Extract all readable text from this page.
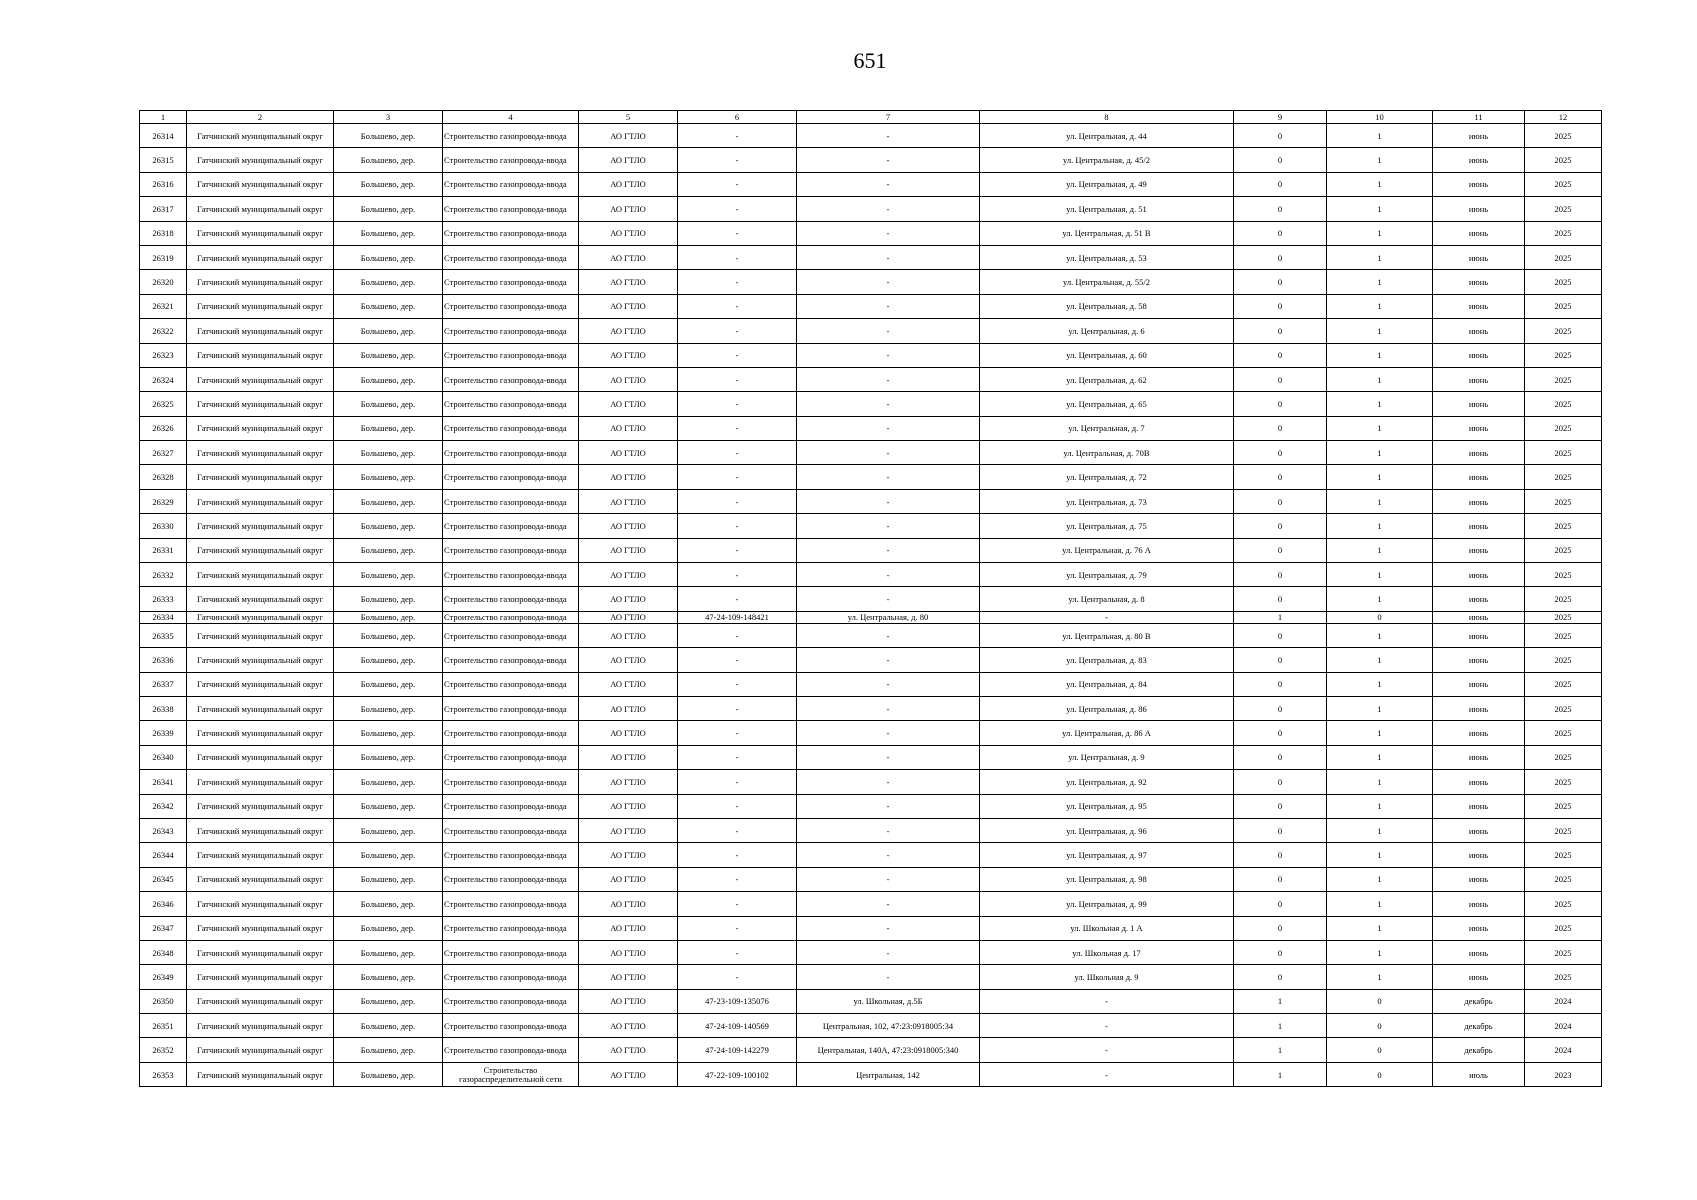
651
1	2	3	4	5	6	7	8	9	10	11	12
26314	Гатчинский муниципальный округ	Большево, дер.	Строительство газопровода-ввода	АО ГТЛО	-	-	ул. Центральная, д. 44	0	1	июнь	2025
26315	Гатчинский муниципальный округ	Большево, дер.	Строительство газопровода-ввода	АО ГТЛО	-	-	ул. Центральная, д. 45/2	0	1	июнь	2025
26316	Гатчинский муниципальный округ	Большево, дер.	Строительство газопровода-ввода	АО ГТЛО	-	-	ул. Центральная, д. 49	0	1	июнь	2025
26317	Гатчинский муниципальный округ	Большево, дер.	Строительство газопровода-ввода	АО ГТЛО	-	-	ул. Центральная, д. 51	0	1	июнь	2025
26318	Гатчинский муниципальный округ	Большево, дер.	Строительство газопровода-ввода	АО ГТЛО	-	-	ул. Центральная, д. 51 В	0	1	июнь	2025
26319	Гатчинский муниципальный округ	Большево, дер.	Строительство газопровода-ввода	АО ГТЛО	-	-	ул. Центральная, д. 53	0	1	июнь	2025
26320	Гатчинский муниципальный округ	Большево, дер.	Строительство газопровода-ввода	АО ГТЛО	-	-	ул. Центральная, д. 55/2	0	1	июнь	2025
26321	Гатчинский муниципальный округ	Большево, дер.	Строительство газопровода-ввода	АО ГТЛО	-	-	ул. Центральная, д. 58	0	1	июнь	2025
26322	Гатчинский муниципальный округ	Большево, дер.	Строительство газопровода-ввода	АО ГТЛО	-	-	ул. Центральная, д. 6	0	1	июнь	2025
26323	Гатчинский муниципальный округ	Большево, дер.	Строительство газопровода-ввода	АО ГТЛО	-	-	ул. Центральная, д. 60	0	1	июнь	2025
26324	Гатчинский муниципальный округ	Большево, дер.	Строительство газопровода-ввода	АО ГТЛО	-	-	ул. Центральная, д. 62	0	1	июнь	2025
26325	Гатчинский муниципальный округ	Большево, дер.	Строительство газопровода-ввода	АО ГТЛО	-	-	ул. Центральная, д. 65	0	1	июнь	2025
26326	Гатчинский муниципальный округ	Большево, дер.	Строительство газопровода-ввода	АО ГТЛО	-	-	ул. Центральная, д. 7	0	1	июнь	2025
26327	Гатчинский муниципальный округ	Большево, дер.	Строительство газопровода-ввода	АО ГТЛО	-	-	ул. Центральная, д. 70В	0	1	июнь	2025
26328	Гатчинский муниципальный округ	Большево, дер.	Строительство газопровода-ввода	АО ГТЛО	-	-	ул. Центральная, д. 72	0	1	июнь	2025
26329	Гатчинский муниципальный округ	Большево, дер.	Строительство газопровода-ввода	АО ГТЛО	-	-	ул. Центральная, д. 73	0	1	июнь	2025
26330	Гатчинский муниципальный округ	Большево, дер.	Строительство газопровода-ввода	АО ГТЛО	-	-	ул. Центральная, д. 75	0	1	июнь	2025
26331	Гатчинский муниципальный округ	Большево, дер.	Строительство газопровода-ввода	АО ГТЛО	-	-	ул. Центральная, д. 76 А	0	1	июнь	2025
26332	Гатчинский муниципальный округ	Большево, дер.	Строительство газопровода-ввода	АО ГТЛО	-	-	ул. Центральная, д. 79	0	1	июнь	2025
26333	Гатчинский муниципальный округ	Большево, дер.	Строительство газопровода-ввода	АО ГТЛО	-	-	ул. Центральная, д. 8	0	1	июнь	2025
26334	Гатчинский муниципальный округ	Большево, дер.	Строительство газопровода-ввода	АО ГТЛО	47-24-109-148421	ул. Центральная, д. 80	-	1	0	июнь	2025
26335	Гатчинский муниципальный округ	Большево, дер.	Строительство газопровода-ввода	АО ГТЛО	-	-	ул. Центральная, д. 80 В	0	1	июнь	2025
26336	Гатчинский муниципальный округ	Большево, дер.	Строительство газопровода-ввода	АО ГТЛО	-	-	ул. Центральная, д. 83	0	1	июнь	2025
26337	Гатчинский муниципальный округ	Большево, дер.	Строительство газопровода-ввода	АО ГТЛО	-	-	ул. Центральная, д. 84	0	1	июнь	2025
26338	Гатчинский муниципальный округ	Большево, дер.	Строительство газопровода-ввода	АО ГТЛО	-	-	ул. Центральная, д. 86	0	1	июнь	2025
26339	Гатчинский муниципальный округ	Большево, дер.	Строительство газопровода-ввода	АО ГТЛО	-	-	ул. Центральная, д. 86 А	0	1	июнь	2025
26340	Гатчинский муниципальный округ	Большево, дер.	Строительство газопровода-ввода	АО ГТЛО	-	-	ул. Центральная, д. 9	0	1	июнь	2025
26341	Гатчинский муниципальный округ	Большево, дер.	Строительство газопровода-ввода	АО ГТЛО	-	-	ул. Центральная, д. 92	0	1	июнь	2025
26342	Гатчинский муниципальный округ	Большево, дер.	Строительство газопровода-ввода	АО ГТЛО	-	-	ул. Центральная, д. 95	0	1	июнь	2025
26343	Гатчинский муниципальный округ	Большево, дер.	Строительство газопровода-ввода	АО ГТЛО	-	-	ул. Центральная, д. 96	0	1	июнь	2025
26344	Гатчинский муниципальный округ	Большево, дер.	Строительство газопровода-ввода	АО ГТЛО	-	-	ул. Центральная, д. 97	0	1	июнь	2025
26345	Гатчинский муниципальный округ	Большево, дер.	Строительство газопровода-ввода	АО ГТЛО	-	-	ул. Центральная, д. 98	0	1	июнь	2025
26346	Гатчинский муниципальный округ	Большево, дер.	Строительство газопровода-ввода	АО ГТЛО	-	-	ул. Центральная, д. 99	0	1	июнь	2025
26347	Гатчинский муниципальный округ	Большево, дер.	Строительство газопровода-ввода	АО ГТЛО	-	-	ул. Школьная д. 1 А	0	1	июнь	2025
26348	Гатчинский муниципальный округ	Большево, дер.	Строительство газопровода-ввода	АО ГТЛО	-	-	ул. Школьная д. 17	0	1	июнь	2025
26349	Гатчинский муниципальный округ	Большево, дер.	Строительство газопровода-ввода	АО ГТЛО	-	-	ул. Школьная д. 9	0	1	июнь	2025
26350	Гатчинский муниципальный округ	Большево, дер.	Строительство газопровода-ввода	АО ГТЛО	47-23-109-135076	ул. Школьная, д.5Б	-	1	0	декабрь	2024
26351	Гатчинский муниципальный округ	Большево, дер.	Строительство газопровода-ввода	АО ГТЛО	47-24-109-140569	Центральная, 102, 47:23:0918005:34	-	1	0	декабрь	2024
26352	Гатчинский муниципальный округ	Большево, дер.	Строительство газопровода-ввода	АО ГТЛО	47-24-109-142279	Центральная, 140А, 47:23:0918005:340	-	1	0	декабрь	2024
26353	Гатчинский муниципальный округ	Большево, дер.	Строительство газораспределительной сети	АО ГТЛО	47-22-109-100102	Центральная, 142	-	1	0	июль	2023
